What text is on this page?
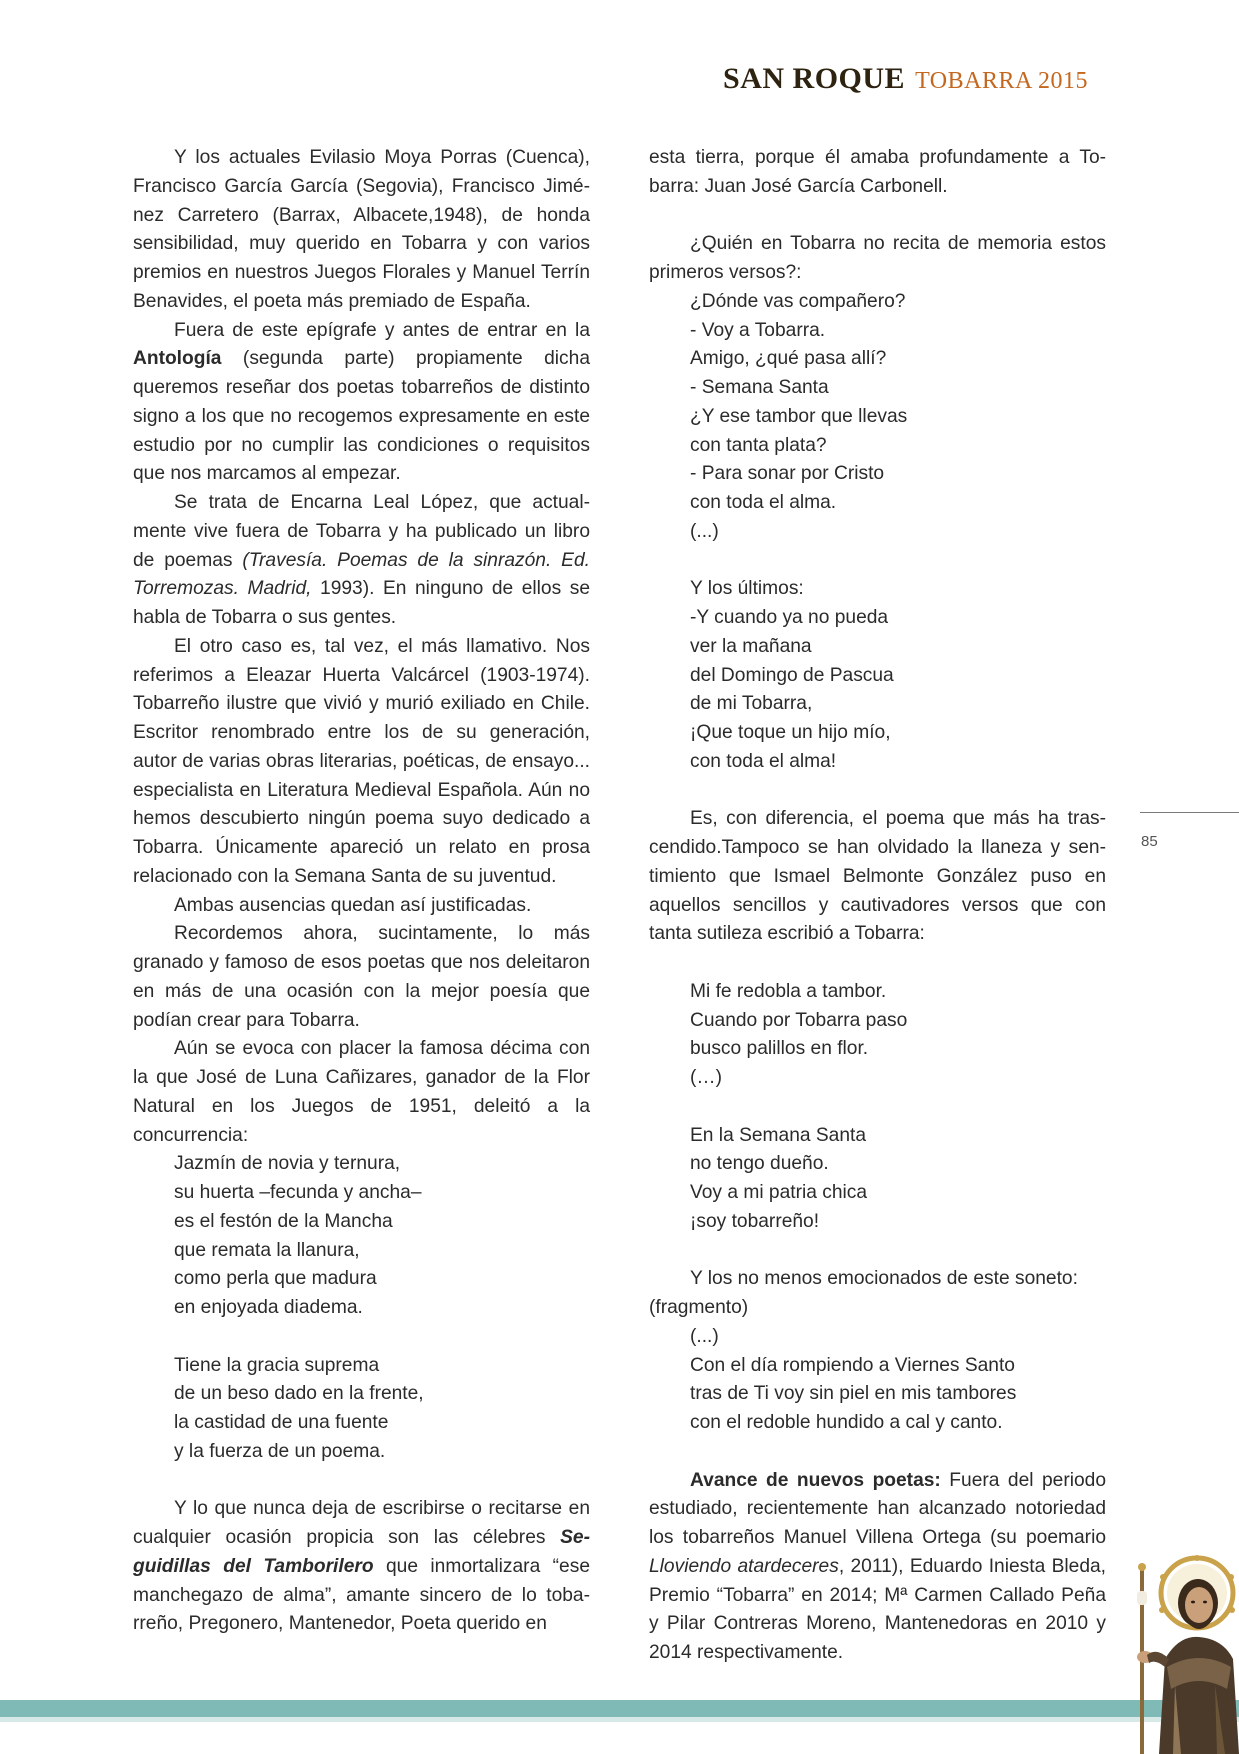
SAN ROQUE TOBARRA 2015

Y los actuales Evilasio Moya Porras (Cuenca), Francisco García García (Segovia), Francisco Jiménez Carretero (Barrax, Albacete,1948), de honda sensibilidad, muy querido en Tobarra y con varios premios en nuestros Juegos Florales y Manuel Terrín Benavides, el poeta más premiado de España.

Fuera de este epígrafe y antes de entrar en la Antología (segunda parte) propiamente dicha queremos reseñar dos poetas tobarreños de distinto signo a los que no recogemos expresamente en este estudio por no cumplir las condiciones o requisitos que nos marcamos al empezar.

Se trata de Encarna Leal López, que actualmente vive fuera de Tobarra y ha publicado un libro de poemas (Travesía. Poemas de la sinrazón. Ed. Torremozas. Madrid, 1993). En ninguno de ellos se habla de Tobarra o sus gentes.

El otro caso es, tal vez, el más llamativo. Nos referimos a Eleazar Huerta Valcárcel (1903-1974). Tobarreño ilustre que vivió y murió exiliado en Chile. Escritor renombrado entre los de su generación, autor de varias obras literarias, poéticas, de ensayo... especialista en Literatura Medieval Española. Aún no hemos descubierto ningún poema suyo dedicado a Tobarra. Únicamente apareció un relato en prosa relacionado con la Semana Santa de su juventud.

Ambas ausencias quedan así justificadas.

Recordemos ahora, sucintamente, lo más granado y famoso de esos poetas que nos deleitaron en más de una ocasión con la mejor poesía que podían crear para Tobarra.

Aún se evoca con placer la famosa décima con la que José de Luna Cañizares, ganador de la Flor Natural en los Juegos de 1951, deleitó a la concurrencia:

Jazmín de novia y ternura,
su huerta –fecunda y ancha–
es el festón de la Mancha
que remata la llanura,
como perla que madura
en enjoyada diadema.
Tiene la gracia suprema
de un beso dado en la frente,
la castidad de una fuente
y la fuerza de un poema.

Y lo que nunca deja de escribirse o recitarse en cualquier ocasión propicia son las célebres Seguidillas del Tamborilero que inmortalizara “ese manchegazo de alma”, amante sincero de lo tobarreño, Pregonero, Mantenedor, Poeta querido en

esta tierra, porque él amaba profundamente a Tobarra: Juan José García Carbonell.

¿Quién en Tobarra no recita de memoria estos primeros versos?:

¿Dónde vas compañero?
- Voy a Tobarra.
Amigo, ¿qué pasa allí?
- Semana Santa
¿Y ese tambor que llevas
con tanta plata?
- Para sonar por Cristo
con toda el alma.
(...)
Y los últimos:
-Y cuando ya no pueda
ver la mañana
del Domingo de Pascua
de mi Tobarra,
¡Que toque un hijo mío,
con toda el alma!

Es, con diferencia, el poema que más ha trascendido.Tampoco se han olvidado la llaneza y sentimiento que Ismael Belmonte González puso en aquellos sencillos y cautivadores versos que con tanta sutileza escribió a Tobarra:

Mi fe redobla a tambor.
Cuando por Tobarra paso
busco palillos en flor.
(…)
En la Semana Santa
no tengo dueño.
Voy a mi patria chica
¡soy tobarreño!

Y los no menos emocionados de este soneto: (fragmento)

(...)
Con el día rompiendo a Viernes Santo
tras de Ti voy sin piel en mis tambores
con el redoble hundido a cal y canto.

Avance de nuevos poetas: Fuera del periodo estudiado, recientemente han alcanzado notoriedad los tobarreños Manuel Villena Ortega (su poemario Lloviendo atardeceres, 2011), Eduardo Iniesta Bleda, Premio “Tobarra” en 2014; Mª Carmen Callado Peña y Pilar Contreras Moreno, Mantenedoras en 2010 y 2014 respectivamente.

85
